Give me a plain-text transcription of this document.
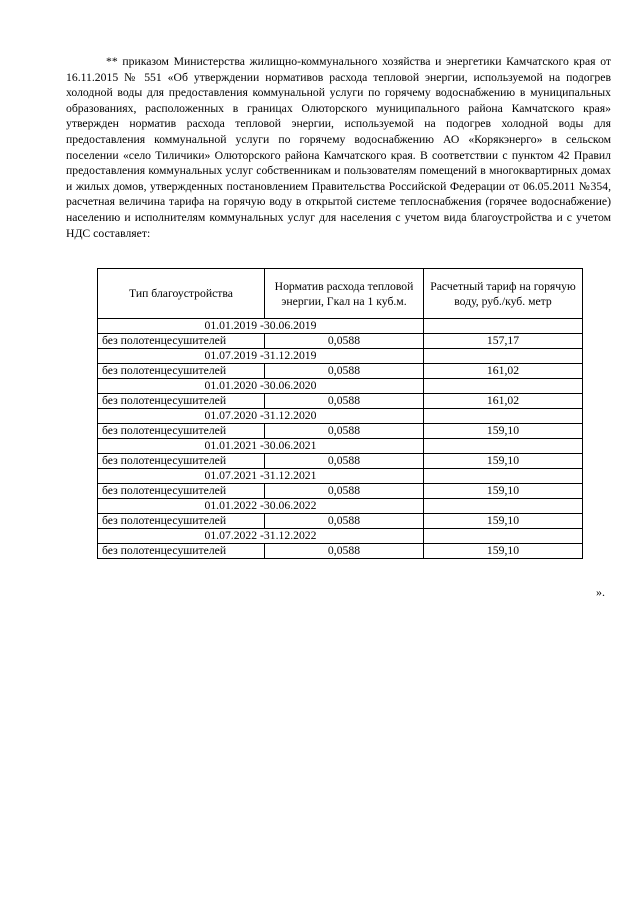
** приказом Министерства жилищно-коммунального хозяйства и энергетики Камчатского края от 16.11.2015 № 551 «Об утверждении нормативов расхода тепловой энергии, используемой на подогрев холодной воды для предоставления коммунальной услуги по горячему водоснабжению в муниципальных образованиях, расположенных в границах Олюторского муниципального района Камчатского края» утвержден норматив расхода тепловой энергии, используемой на подогрев холодной воды для предоставления коммунальной услуги по горячему водоснабжению АО «Корякэнерго» в сельском поселении «село Тиличики» Олюторского района Камчатского края. В соответствии с пунктом 42 Правил предоставления коммунальных услуг собственникам и пользователям помещений в многоквартирных домах и жилых домов, утвержденных постановлением Правительства Российской Федерации от 06.05.2011 №354, расчетная величина тарифа на горячую воду в открытой системе теплоснабжения (горячее водоснабжение) населению и исполнителям коммунальных услуг для населения с учетом вида благоустройства и с учетом НДС составляет:

Тип благоустройства	Норматив расхода тепловой энергии, Гкал на 1 куб.м.	Расчетный тариф на горячую воду, руб./куб. метр
01.01.2019 -30.06.2019		
без полотенцесушителей	0,0588	157,17
01.07.2019 -31.12.2019		
без полотенцесушителей	0,0588	161,02
01.01.2020 -30.06.2020		
без полотенцесушителей	0,0588	161,02
01.07.2020 -31.12.2020		
без полотенцесушителей	0,0588	159,10
01.01.2021 -30.06.2021		
без полотенцесушителей	0,0588	159,10
01.07.2021 -31.12.2021		
без полотенцесушителей	0,0588	159,10
01.01.2022 -30.06.2022		
без полотенцесушителей	0,0588	159,10
01.07.2022 -31.12.2022		
без полотенцесушителей	0,0588	159,10
».
